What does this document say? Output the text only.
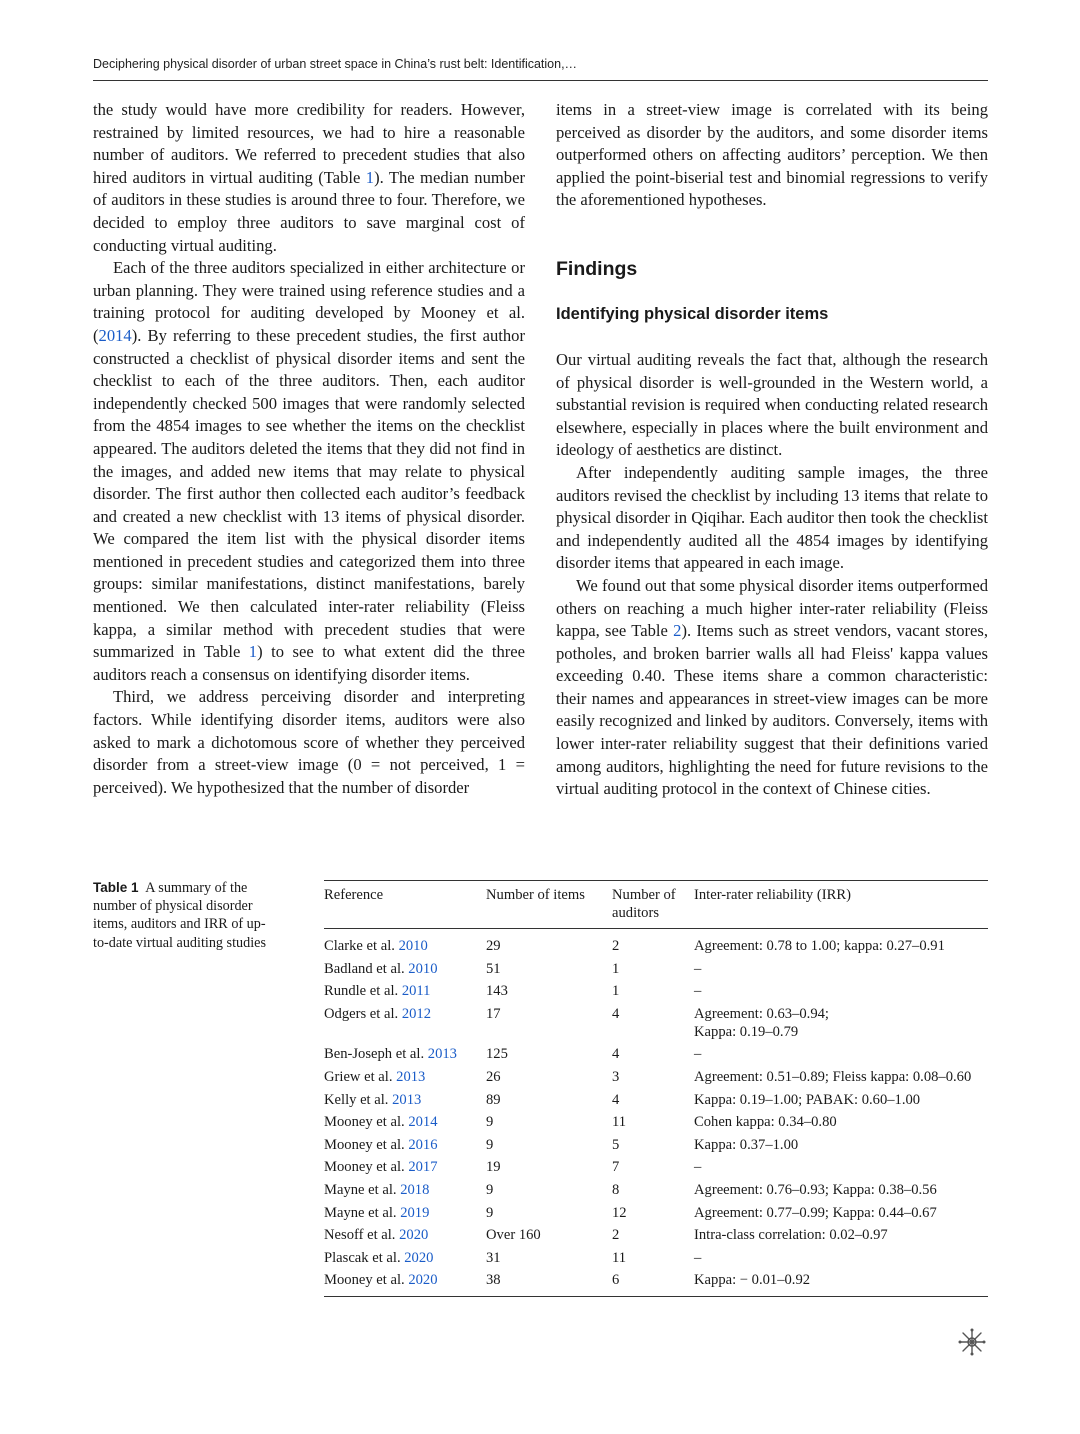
Deciphering physical disorder of urban street space in China’s rust belt: Identification,…

the study would have more credibility for readers. However, restrained by limited resources, we had to hire a reasonable number of auditors. We referred to precedent studies that also hired auditors in virtual auditing (Table 1). The median number of auditors in these studies is around three to four. Therefore, we decided to employ three auditors to save marginal cost of conducting virtual auditing.

Each of the three auditors specialized in either architecture or urban planning. They were trained using reference studies and a training protocol for auditing developed by Mooney et al. (2014). By referring to these precedent studies, the first author constructed a checklist of physical disorder items and sent the checklist to each of the three auditors. Then, each auditor independently checked 500 images that were randomly selected from the 4854 images to see whether the items on the checklist appeared. The auditors deleted the items that they did not find in the images, and added new items that may relate to physical disorder. The first author then collected each auditor’s feedback and created a new checklist with 13 items of physical disorder. We compared the item list with the physical disorder items mentioned in precedent studies and categorized them into three groups: similar manifestations, distinct manifestations, barely mentioned. We then calculated inter-rater reliability (Fleiss kappa, a similar method with precedent studies that were summarized in Table 1) to see to what extent did the three auditors reach a consensus on identifying disorder items.

Third, we address perceiving disorder and interpreting factors. While identifying disorder items, auditors were also asked to mark a dichotomous score of whether they perceived disorder from a street-view image (0 = not perceived, 1 = perceived). We hypothesized that the number of disorder

items in a street-view image is correlated with its being perceived as disorder by the auditors, and some disorder items outperformed others on affecting auditors’ perception. We then applied the point-biserial test and binomial regressions to verify the aforementioned hypotheses.

Findings
Identifying physical disorder items

Our virtual auditing reveals the fact that, although the research of physical disorder is well-grounded in the Western world, a substantial revision is required when conducting related research elsewhere, especially in places where the built environment and ideology of aesthetics are distinct.

After independently auditing sample images, the three auditors revised the checklist by including 13 items that relate to physical disorder in Qiqihar. Each auditor then took the checklist and independently audited all the 4854 images by identifying disorder items that appeared in each image.

We found out that some physical disorder items outperformed others on reaching a much higher inter-rater reliability (Fleiss kappa, see Table 2). Items such as street vendors, vacant stores, potholes, and broken barrier walls all had Fleiss' kappa values exceeding 0.40. These items share a common characteristic: their names and appearances in street-view images can be more easily recognized and linked by auditors. Conversely, items with lower inter-rater reliability suggest that their definitions varied among auditors, highlighting the need for future revisions to the virtual auditing protocol in the context of Chinese cities.

Table 1 A summary of the number of physical disorder items, auditors and IRR of up-to-date virtual auditing studies
Reference	Number of items	Number of auditors	Inter-rater reliability (IRR)
Clarke et al. 2010	29	2	Agreement: 0.78 to 1.00; kappa: 0.27–0.91

Badland et al. 2010	51	1	–

Rundle et al. 2011	143	1	–

Odgers et al. 2012	17	4	Agreement: 0.63–0.94;
Kappa: 0.19–0.79

Ben-Joseph et al. 2013	125	4	–

Griew et al. 2013	26	3	Agreement: 0.51–0.89; Fleiss kappa: 0.08–0.60

Kelly et al. 2013	89	4	Kappa: 0.19–1.00; PABAK: 0.60–1.00

Mooney et al. 2014	9	11	Cohen kappa: 0.34–0.80

Mooney et al. 2016	9	5	Kappa: 0.37–1.00

Mooney et al. 2017	19	7	–

Mayne et al. 2018	9	8	Agreement: 0.76–0.93; Kappa: 0.38–0.56

Mayne et al. 2019	9	12	Agreement: 0.77–0.99; Kappa: 0.44–0.67

Nesoff et al. 2020	Over 160	2	Intra-class correlation: 0.02–0.97

Plascak et al. 2020	31	11	–

Mooney et al. 2020	38	6	Kappa: − 0.01–0.92
